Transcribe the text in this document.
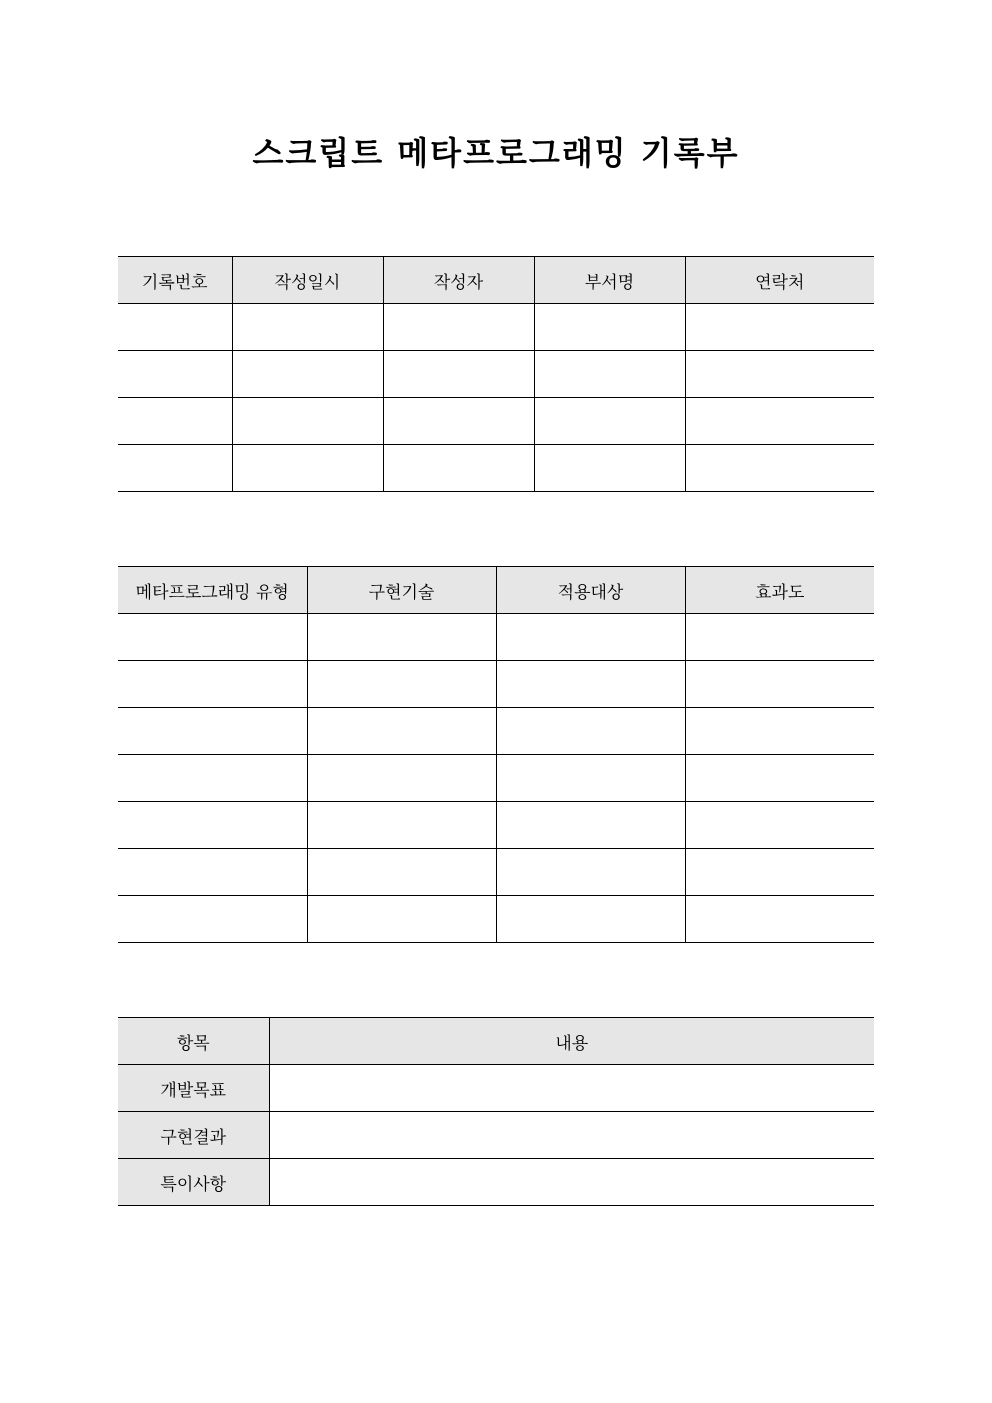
스크립트 메타프로그래밍 기록부
기록번호	작성일시	작성자	부서명	연락처

메타프로그래밍 유형	구현기술	적용대상	효과도

항목	내용
개발목표	
구현결과	
특이사항	
